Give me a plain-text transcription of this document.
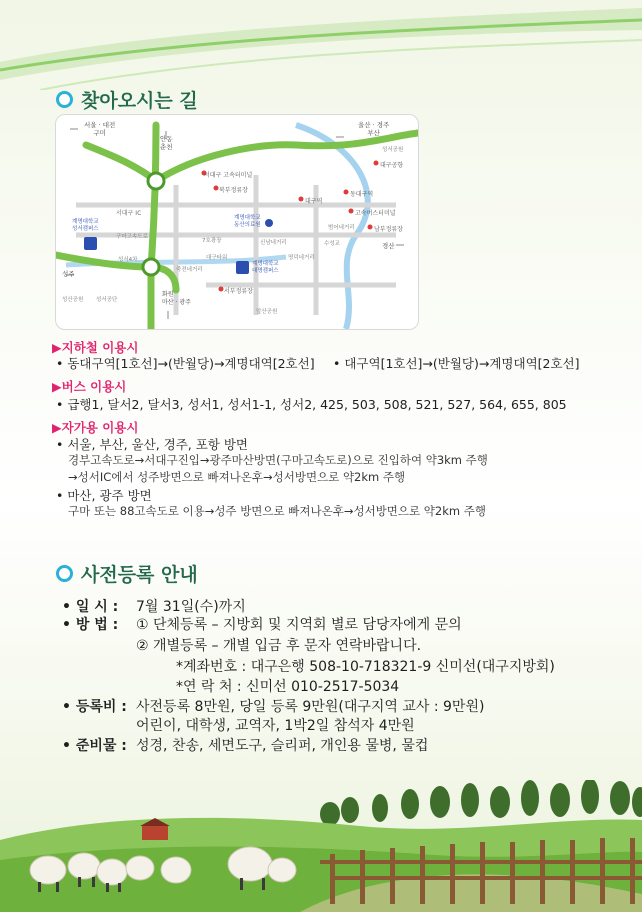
찾아오시는 길
서울 · 대전
구미
안동
춘천
울산 · 경주
부산
서대구 IC
서대구 고속터미널
북부정류장
대구역
동대구역
고속버스터미널
대구공항
남부정류장
경산
계명대학교
성서캠퍼스
계명대학교
동산의료원
계명대학교
대명캠퍼스
성주
화원
마산 · 광주
서부정류장
구마고속도로
성서4차	대구타워
앞산공원
수성교
성서공단
죽전네거리
신남네거리
명덕네거리
범어네거리
7호광장
성산공원
성서공원
▶지하철 이용시
• 동대구역[1호선]→(반월당)→계명대역[2호선] • 대구역[1호선]→(반월당)→계명대역[2호선]
▶버스 이용시
• 급행1, 달서2, 달서3, 성서1, 성서1-1, 성서2, 425, 503, 508, 521, 527, 564, 655, 805
▶자가용 이용시
• 서울, 부산, 울산, 경주, 포항 방면
경부고속도로→서대구진입→광주마산방면(구마고속도로)으로 진입하여 약3km 주행
→성서IC에서 성주방면으로 빠져나온후→성서방면으로 약2km 주행
• 마산, 광주 방면
구마 또는 88고속도로 이용→성주 방면으로 빠져나온후→성서방면으로 약2km 주행
사전등록 안내
• 일 시 : 7월 31일(수)까지
• 방 법 : ① 단체등록 – 지방회 및 지역회 별로 담당자에게 문의
② 개별등록 – 개별 입금 후 문자 연락바랍니다.
*계좌번호 : 대구은행 508-10-718321-9 신미선(대구지방회)
*연 락 처 : 신미선 010-2517-5034
• 등록비 : 사전등록 8만원, 당일 등록 9만원(대구지역 교사 : 9만원)
어린이, 대학생, 교역자, 1박2일 참석자 4만원
• 준비물 : 성경, 찬송, 세면도구, 슬리퍼, 개인용 물병, 물컵
